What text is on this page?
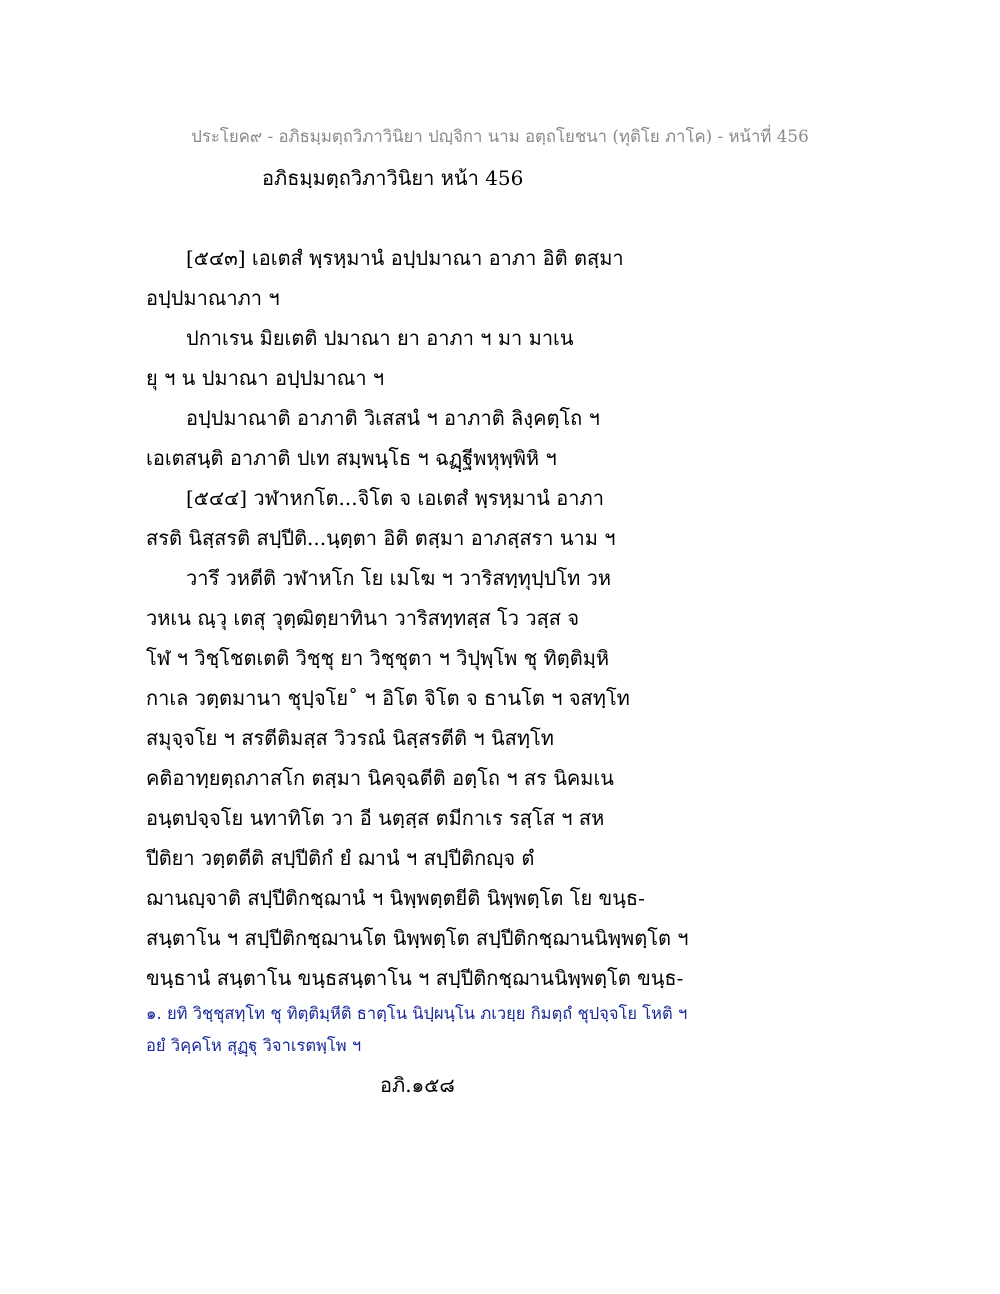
ประโยค๙ - อภิธมฺมตฺถวิภาวินิยา ปญฺจิกา นาม อตฺถโยชนา (ทุติโย ภาโค) - หน้าที่ 456
อภิธมฺมตฺถวิภาวินิยา หน้า 456
[๕๔๓] เอเตสํ พฺรหฺมานํ อปฺปมาณา อาภา อิติ ตสฺมา
อปฺปมาณาภา ฯ
ปกาเรน มิยเตติ ปมาณา ยา อาภา ฯ มา มาเน
ยุ ฯ น ปมาณา อปฺปมาณา ฯ
อปฺปมาณาติ อาภาติ วิเสสนํ ฯ อาภาติ ลิงฺคตฺโถ ฯ
เอเตสนฺติ อาภาติ ปเท สมฺพนฺโธ ฯ ฉฏฺฐีพหุพฺพิหิ ฯ
[๕๔๔] วฬาหกโต...จิโต จ เอเตสํ พฺรหฺมานํ อาภา
สรติ นิสฺสรติ สปฺปีติ...นฺตฺตา อิติ ตสฺมา อาภสฺสรา นาม ฯ
วารึ วหตีติ วฬาหโก โย เมโฆ ฯ วาริสทฺทุปฺปโท วห
วหเน ณฺวุ เตสุ วุตฺฒิตฺยาทินา วาริสทฺทสฺส โว วสฺส จ
โฬ ฯ วิชฺโชตเตติ วิชฺชุ ยา วิชฺชุตา ฯ วิปุพฺโพ ชุ ทิตฺติมฺหิ
กาเล วตฺตมานา ชุปฺจโย˚ ฯ อิโต จิโต จ ธานโต ฯ จสทฺโท
สมุจฺจโย ฯ สรตีติมสฺส วิวรณํ นิสฺสรตีติ ฯ นิสทฺโท
คติอาทฺยตฺถภาสโก ตสฺมา นิคจฺฉตีติ อตฺโถ ฯ สร นิคมเน
อนฺตปจฺจโย นทาทิโต วา อี นตฺสฺส ตมีกาเร รสฺโส ฯ สห
ปีติยา วตฺตตีติ สปฺปีติกํ ยํ ฌานํ ฯ สปฺปีติกญฺจ ตํ
ฌานญฺจาติ สปฺปีติกชฺฌานํ ฯ นิพฺพตฺตยีติ นิพฺพตฺโต โย ขนฺธ-
สนฺตาโน ฯ สปฺปีติกชฺฌานโต นิพฺพตฺโต สปฺปีติกชฺฌานนิพฺพตฺโต ฯ
ขนฺธานํ สนฺตาโน ขนฺธสนฺตาโน ฯ สปฺปีติกชฺฌานนิพฺพตฺโต ขนฺธ-
๑. ยทิ วิชฺชุสทฺโท ชุ ทิตฺติมฺหีติ ธาตฺโน นิปฺผนฺโน ภเวยฺย กิมตฺถํ ชุปจฺจโย โหติ ฯ
อยํ วิคฺคโห สุฏฺฐุ วิจาเรตพฺโพ ฯ
อภิ.๑๕๘
